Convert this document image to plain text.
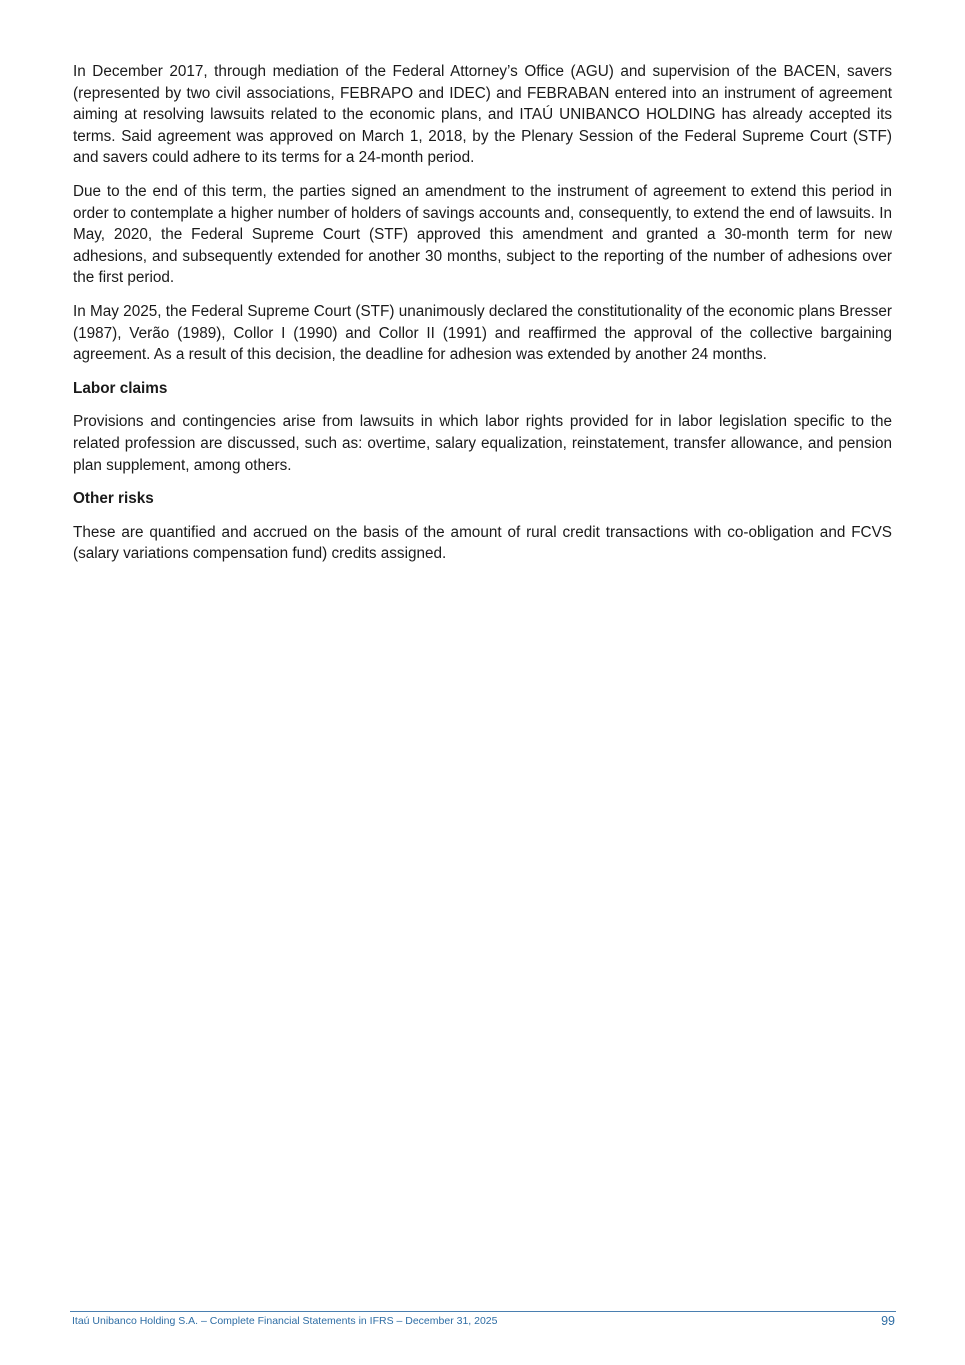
In December 2017, through mediation of the Federal Attorney’s Office (AGU) and supervision of the BACEN, savers (represented by two civil associations, FEBRAPO and IDEC) and FEBRABAN entered into an instrument of agreement aiming at resolving lawsuits related to the economic plans, and ITAÚ UNIBANCO HOLDING has already accepted its terms. Said agreement was approved on March 1, 2018, by the Plenary Session of the Federal Supreme Court (STF) and savers could adhere to its terms for a 24-month period.

Due to the end of this term, the parties signed an amendment to the instrument of agreement to extend this period in order to contemplate a higher number of holders of savings accounts and, consequently, to extend the end of lawsuits. In May, 2020, the Federal Supreme Court (STF) approved this amendment and granted a 30-month term for new adhesions, and subsequently extended for another 30 months, subject to the reporting of the number of adhesions over the first period.

In May 2025, the Federal Supreme Court (STF) unanimously declared the constitutionality of the economic plans Bresser (1987), Verão (1989), Collor I (1990) and Collor II (1991) and reaffirmed the approval of the collective bargaining agreement. As a result of this decision, the deadline for adhesion was extended by another 24 months.

Labor claims

Provisions and contingencies arise from lawsuits in which labor rights provided for in labor legislation specific to the related profession are discussed, such as: overtime, salary equalization, reinstatement, transfer allowance, and pension plan supplement, among others.

Other risks

These are quantified and accrued on the basis of the amount of rural credit transactions with co-obligation and FCVS (salary variations compensation fund) credits assigned.

Itaú Unibanco Holding S.A. – Complete Financial Statements in IFRS – December 31, 2025	99
